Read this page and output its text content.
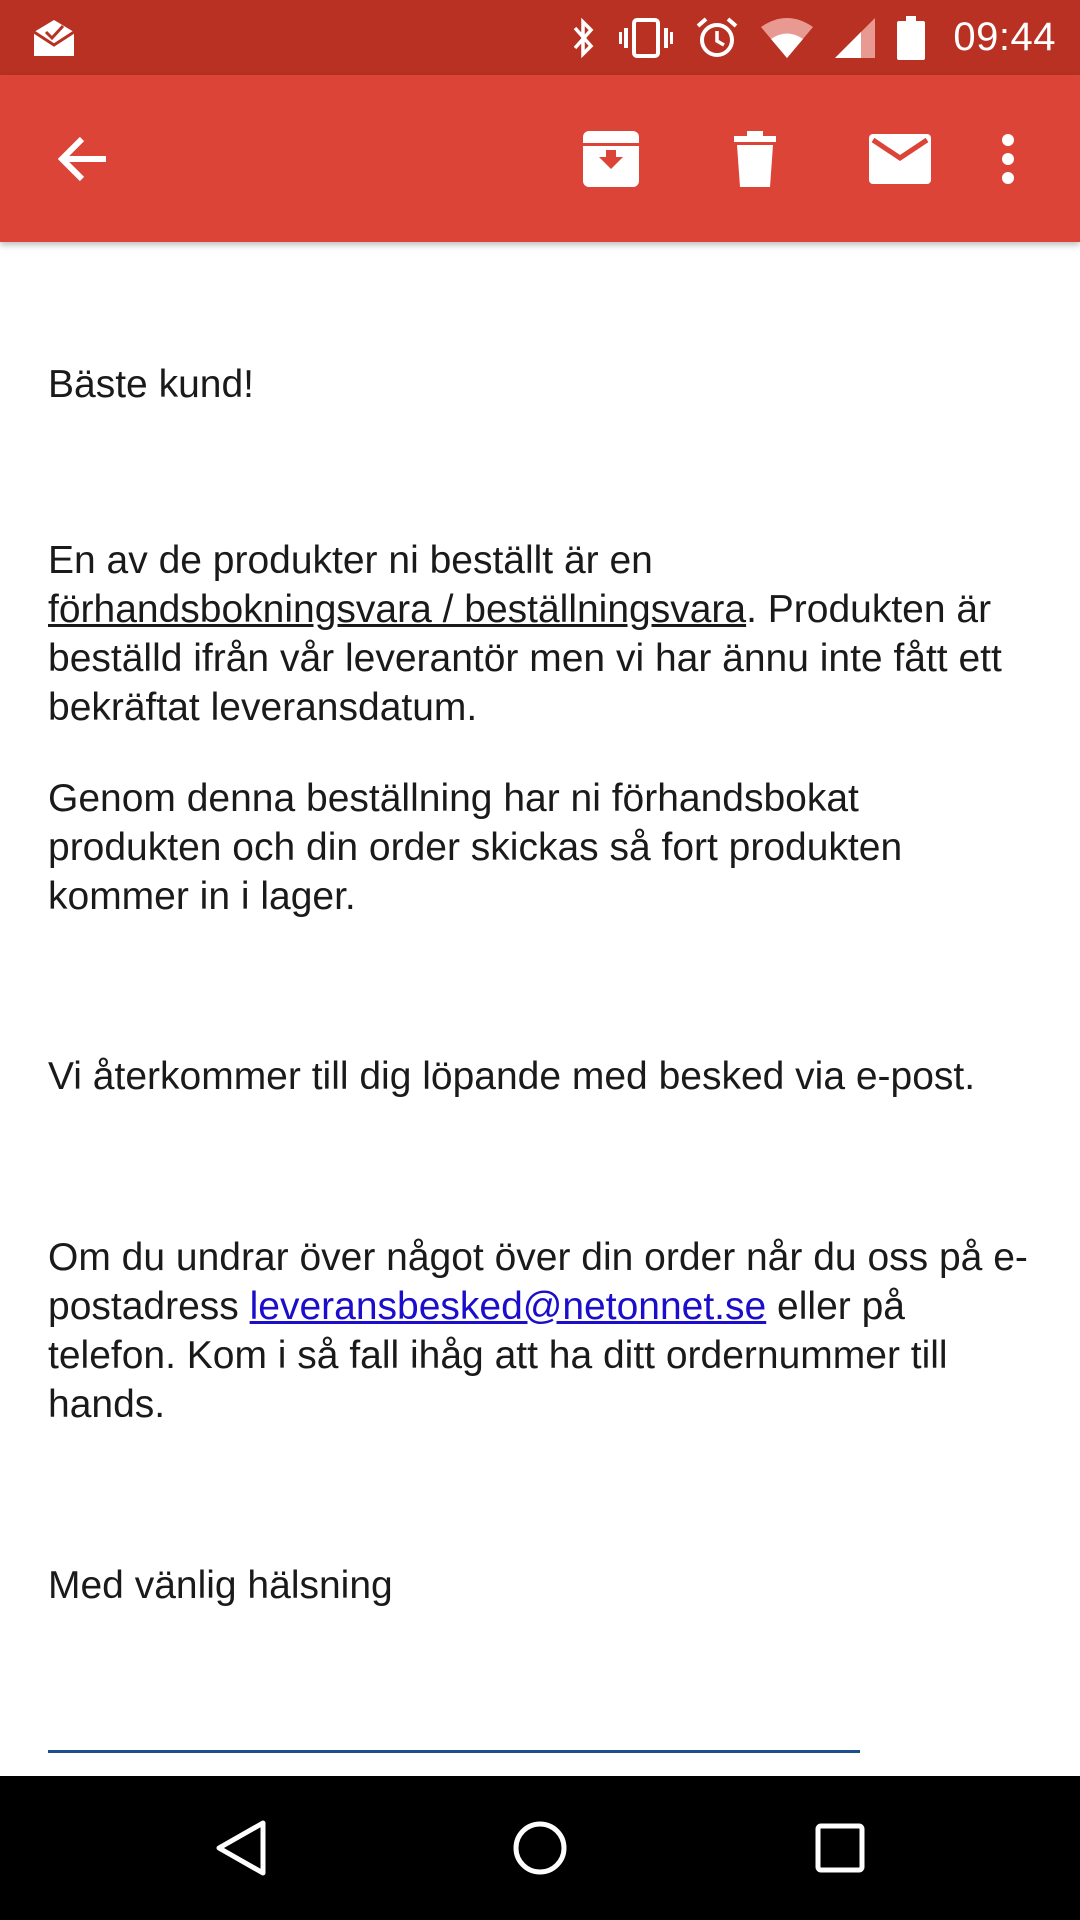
09:44

Bäste kund!

En av de produkter ni beställt är en förhandsbokningsvara / beställningsvara. Produkten är beställd ifrån vår leverantör men vi har ännu inte fått ett bekräftat leveransdatum.

Genom denna beställning har ni förhandsbokat produkten och din order skickas så fort produkten kommer in i lager.

Vi återkommer till dig löpande med besked via e-post.

Om du undrar över något över din order når du oss på e-postadress leveransbesked@netonnet.se eller på telefon. Kom i så fall ihåg att ha ditt ordernummer till hands.

Med vänlig hälsning
